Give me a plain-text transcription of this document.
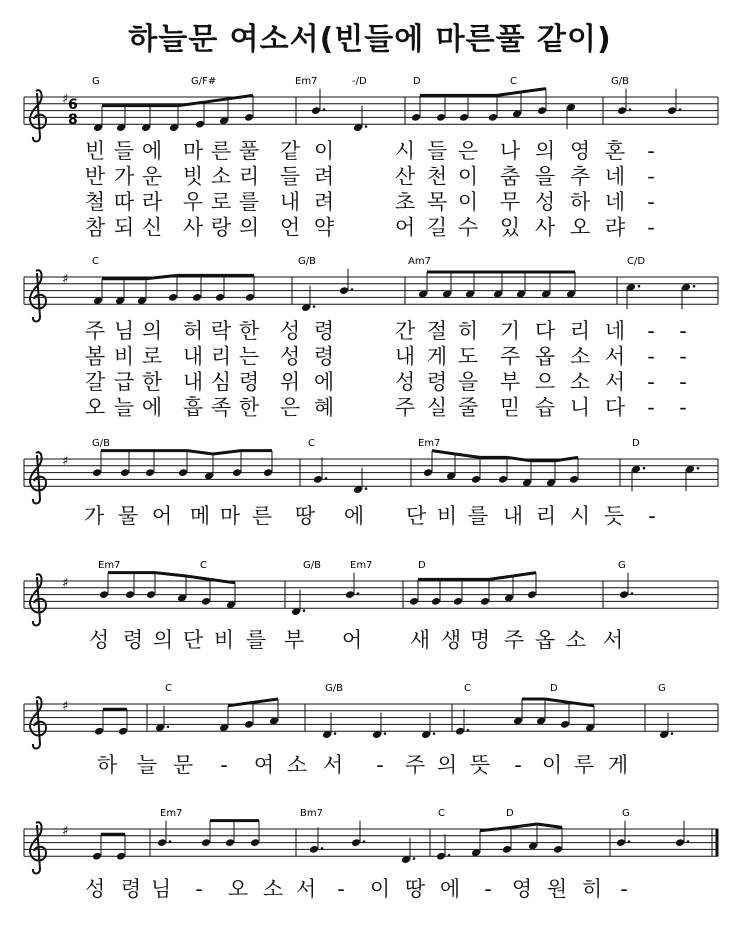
하늘문 여소서(빈들에 마른풀 같이)
♯ 6
8
G	G/F#	Em7	-/D	D	C	G/B
♯
C	G/B	Am7	C/D
♯
G/B	C	Em7	D
♯
Em7	C	G/B	Em7	D	G
♯
C	G/B	C	D	G
♯
Em7	Bm7	C	D	G
빈 들 에 마 른 풀 같 이	시 들 은 나 의 영 혼 -
반 가 운 빗 소 리 들 려	산 천 이 춤 을 추 네 -
철 따 라 우 로 를 내 려	초 목 이 무 성 하 네 -
참 되 신 사 랑 의 언 약	어 길 수 있 사 오 랴 -
주 님 의 허 락 한 성 령	간 절 히 기 다 리 네 - -
봄 비 로 내 리 는 성 령	내 게 도 주 옵 소 서 - -
갈 급 한 내 심 령 위 에	성 령 을 부 으 소 서 - -
오 늘 에 흡 족 한 은 혜	주 실 줄 믿 습 니 다 - -
가 물 어 메 마 른 땅 에 단 비 를 내 리 시 듯 -
성 령 의 단 비 를 부 어 새 생 명 주 옵 소 서
하 늘 문 - 여 소 서 - 주 의 뜻 - 이 루 게
성 령 님 - 오 소 서 - 이 땅 에 - 영 원 히 -
